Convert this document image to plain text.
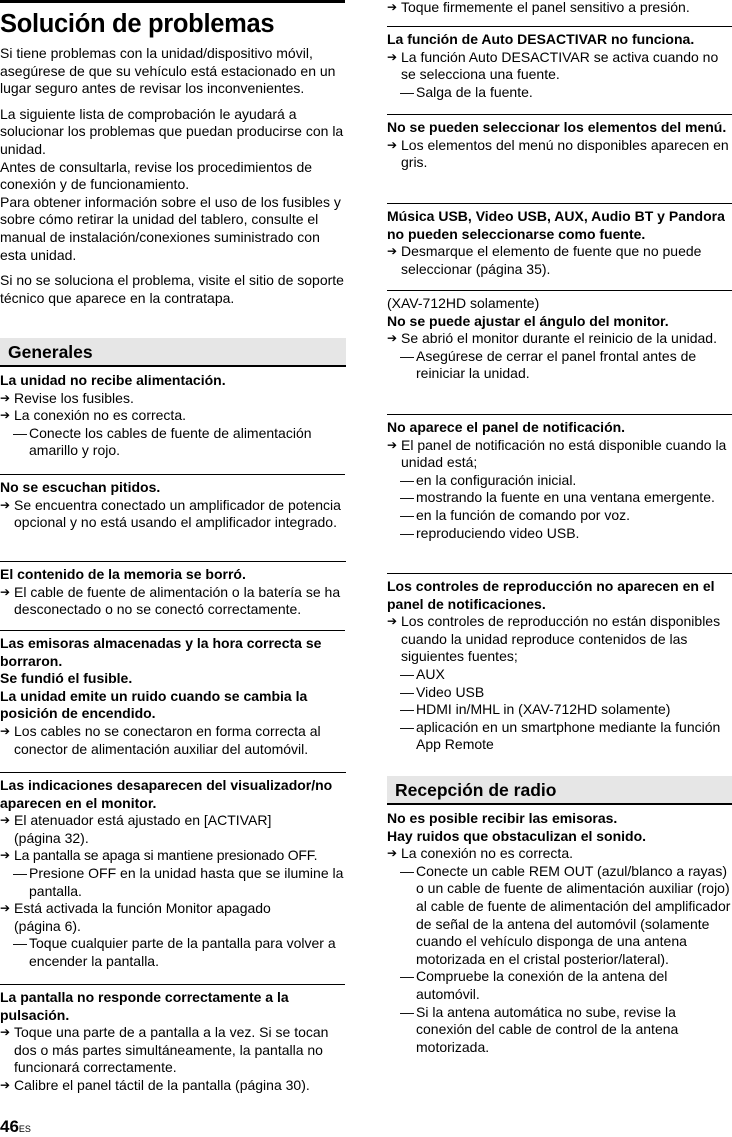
Solución de problemas

Si tiene problemas con la unidad/dispositivo móvil, asegúrese de que su vehículo está estacionado en un lugar seguro antes de revisar los inconvenientes.

La siguiente lista de comprobación le ayudará a solucionar los problemas que puedan producirse con la unidad.

Antes de consultarla, revise los procedimientos de conexión y de funcionamiento.

Para obtener información sobre el uso de los fusibles y sobre cómo retirar la unidad del tablero, consulte el manual de instalación/conexiones suministrado con esta unidad.

Si no se soluciona el problema, visite el sitio de soporte técnico que aparece en la contratapa.

Generales

La unidad no recibe alimentación.

➔ Revise los fusibles.

➔ La conexión no es correcta.

— Conecte los cables de fuente de alimentación amarillo y rojo.

No se escuchan pitidos.

➔ Se encuentra conectado un amplificador de potencia opcional y no está usando el amplificador integrado.

El contenido de la memoria se borró.

➔ El cable de fuente de alimentación o la batería se ha desconectado o no se conectó correctamente.

Las emisoras almacenadas y la hora correcta se borraron.

Se fundió el fusible.

La unidad emite un ruido cuando se cambia la posición de encendido.

➔ Los cables no se conectaron en forma correcta al conector de alimentación auxiliar del automóvil.

Las indicaciones desaparecen del visualizador/no aparecen en el monitor.

➔ El atenuador está ajustado en [ACTIVAR] (página 32).

➔ La pantalla se apaga si mantiene presionado OFF.

— Presione OFF en la unidad hasta que se ilumine la pantalla.

➔ Está activada la función Monitor apagado (página 6).

— Toque cualquier parte de la pantalla para volver a encender la pantalla.

La pantalla no responde correctamente a la pulsación.

➔ Toque una parte de a pantalla a la vez. Si se tocan dos o más partes simultáneamente, la pantalla no funcionará correctamente.

➔ Calibre el panel táctil de la pantalla (página 30).

46ES

➔ Toque firmemente el panel sensitivo a presión.

La función de Auto DESACTIVAR no funciona.

➔ La función Auto DESACTIVAR se activa cuando no se selecciona una fuente.

— Salga de la fuente.

No se pueden seleccionar los elementos del menú.

➔ Los elementos del menú no disponibles aparecen en gris.

Música USB, Video USB, AUX, Audio BT y Pandora no pueden seleccionarse como fuente.

➔ Desmarque el elemento de fuente que no puede seleccionar (página 35).

(XAV-712HD solamente)

No se puede ajustar el ángulo del monitor.

➔ Se abrió el monitor durante el reinicio de la unidad.

— Asegúrese de cerrar el panel frontal antes de reiniciar la unidad.

No aparece el panel de notificación.

➔ El panel de notificación no está disponible cuando la unidad está;

— en la configuración inicial.

— mostrando la fuente en una ventana emergente.

— en la función de comando por voz.

— reproduciendo video USB.

Los controles de reproducción no aparecen en el panel de notificaciones.

➔ Los controles de reproducción no están disponibles cuando la unidad reproduce contenidos de las siguientes fuentes;

— AUX

— Video USB

— HDMI in/MHL in (XAV-712HD solamente)

— aplicación en un smartphone mediante la función App Remote

Recepción de radio

No es posible recibir las emisoras.

Hay ruidos que obstaculizan el sonido.

➔ La conexión no es correcta.

— Conecte un cable REM OUT (azul/blanco a rayas) o un cable de fuente de alimentación auxiliar (rojo) al cable de fuente de alimentación del amplificador de señal de la antena del automóvil (solamente cuando el vehículo disponga de una antena motorizada en el cristal posterior/lateral).

— Compruebe la conexión de la antena del automóvil.

— Si la antena automática no sube, revise la conexión del cable de control de la antena motorizada.
